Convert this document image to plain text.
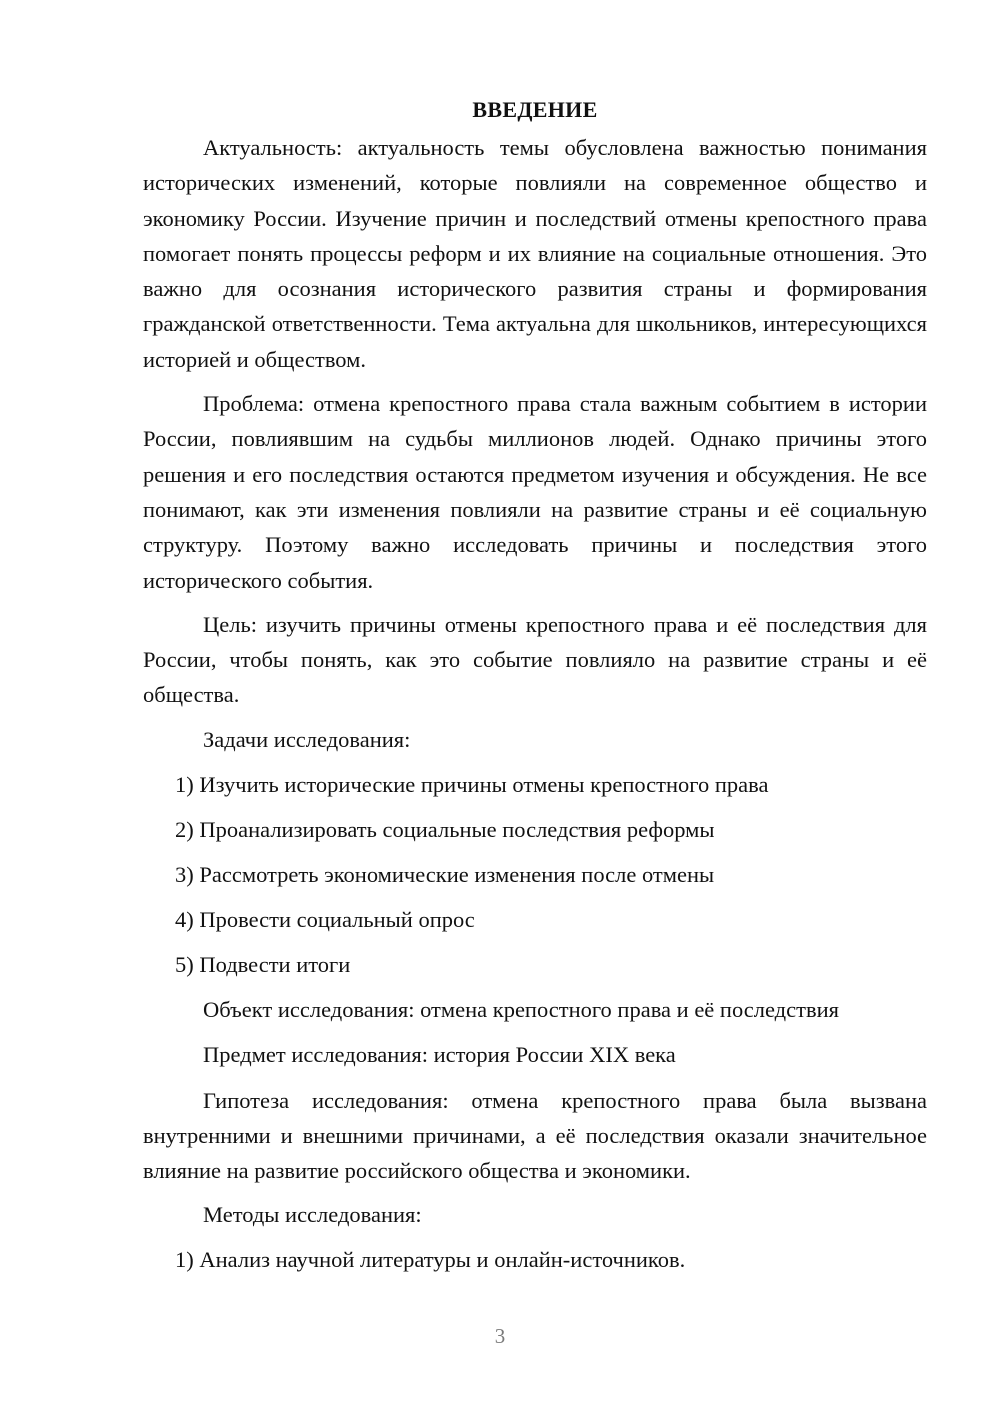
ВВЕДЕНИЕ

Актуальность: актуальность темы обусловлена важностью понимания исторических изменений, которые повлияли на современное общество и экономику России. Изучение причин и последствий отмены крепостного права помогает понять процессы реформ и их влияние на социальные отношения. Это важно для осознания исторического развития страны и формирования гражданской ответственности. Тема актуальна для школьников, интересующихся историей и обществом.

Проблема: отмена крепостного права стала важным событием в истории России, повлиявшим на судьбы миллионов людей. Однако причины этого решения и его последствия остаются предметом изучения и обсуждения. Не все понимают, как эти изменения повлияли на развитие страны и её социальную структуру. Поэтому важно исследовать причины и последствия этого исторического события.

Цель: изучить причины отмены крепостного права и её последствия для России, чтобы понять, как это событие повлияло на развитие страны и её общества.

Задачи исследования:
1) Изучить исторические причины отмены крепостного права
2) Проанализировать социальные последствия реформы
3) Рассмотреть экономические изменения после отмены
4) Провести социальный опрос
5) Подвести итоги
Объект исследования: отмена крепостного права и её последствия
Предмет исследования: история России XIX века

Гипотеза исследования: отмена крепостного права была вызвана внутренними и внешними причинами, а её последствия оказали значительное влияние на развитие российского общества и экономики.

Методы исследования:
1) Анализ научной литературы и онлайн-источников.
3
